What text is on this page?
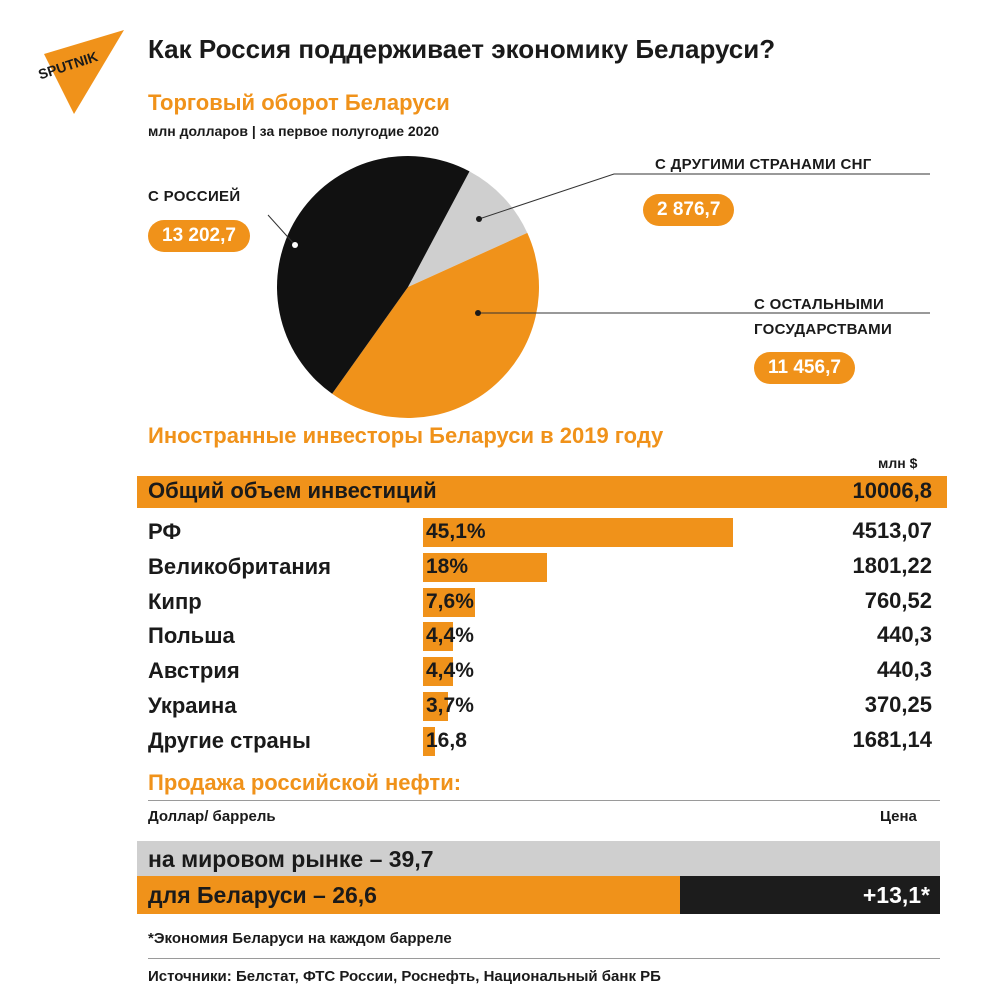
SPUTNIK Как Россия поддерживает экономику Беларуси?
Торговый оборот Беларуси
млн долларов | за первое полугодие 2020
С РОССИЕЙ
13 202,7
С ДРУГИМИ СТРАНАМИ СНГ
2 876,7
С ОСТАЛЬНЫМИ
ГОСУДАРСТВАМИ
11 456,7
Иностранные инвесторы Беларуси в 2019 году
млн $
Общий объем инвестиций	10006,8
РФ	45,1%	4513,07
Великобритания	18%	1801,22
Кипр	7,6%	760,52
Польша	4,4%	440,3
Австрия	4,4%	440,3
Украина	3,7%	370,25
Другие страны	16,8	1681,14
Продажа российской нефти:
Доллар/ баррель	Цена
на мировом рынке – 39,7
для Беларуси – 26,6	+13,1*
*Экономия Беларуси на каждом барреле
Источники: Белстат, ФТС России, Роснефть, Национальный банк РБ
